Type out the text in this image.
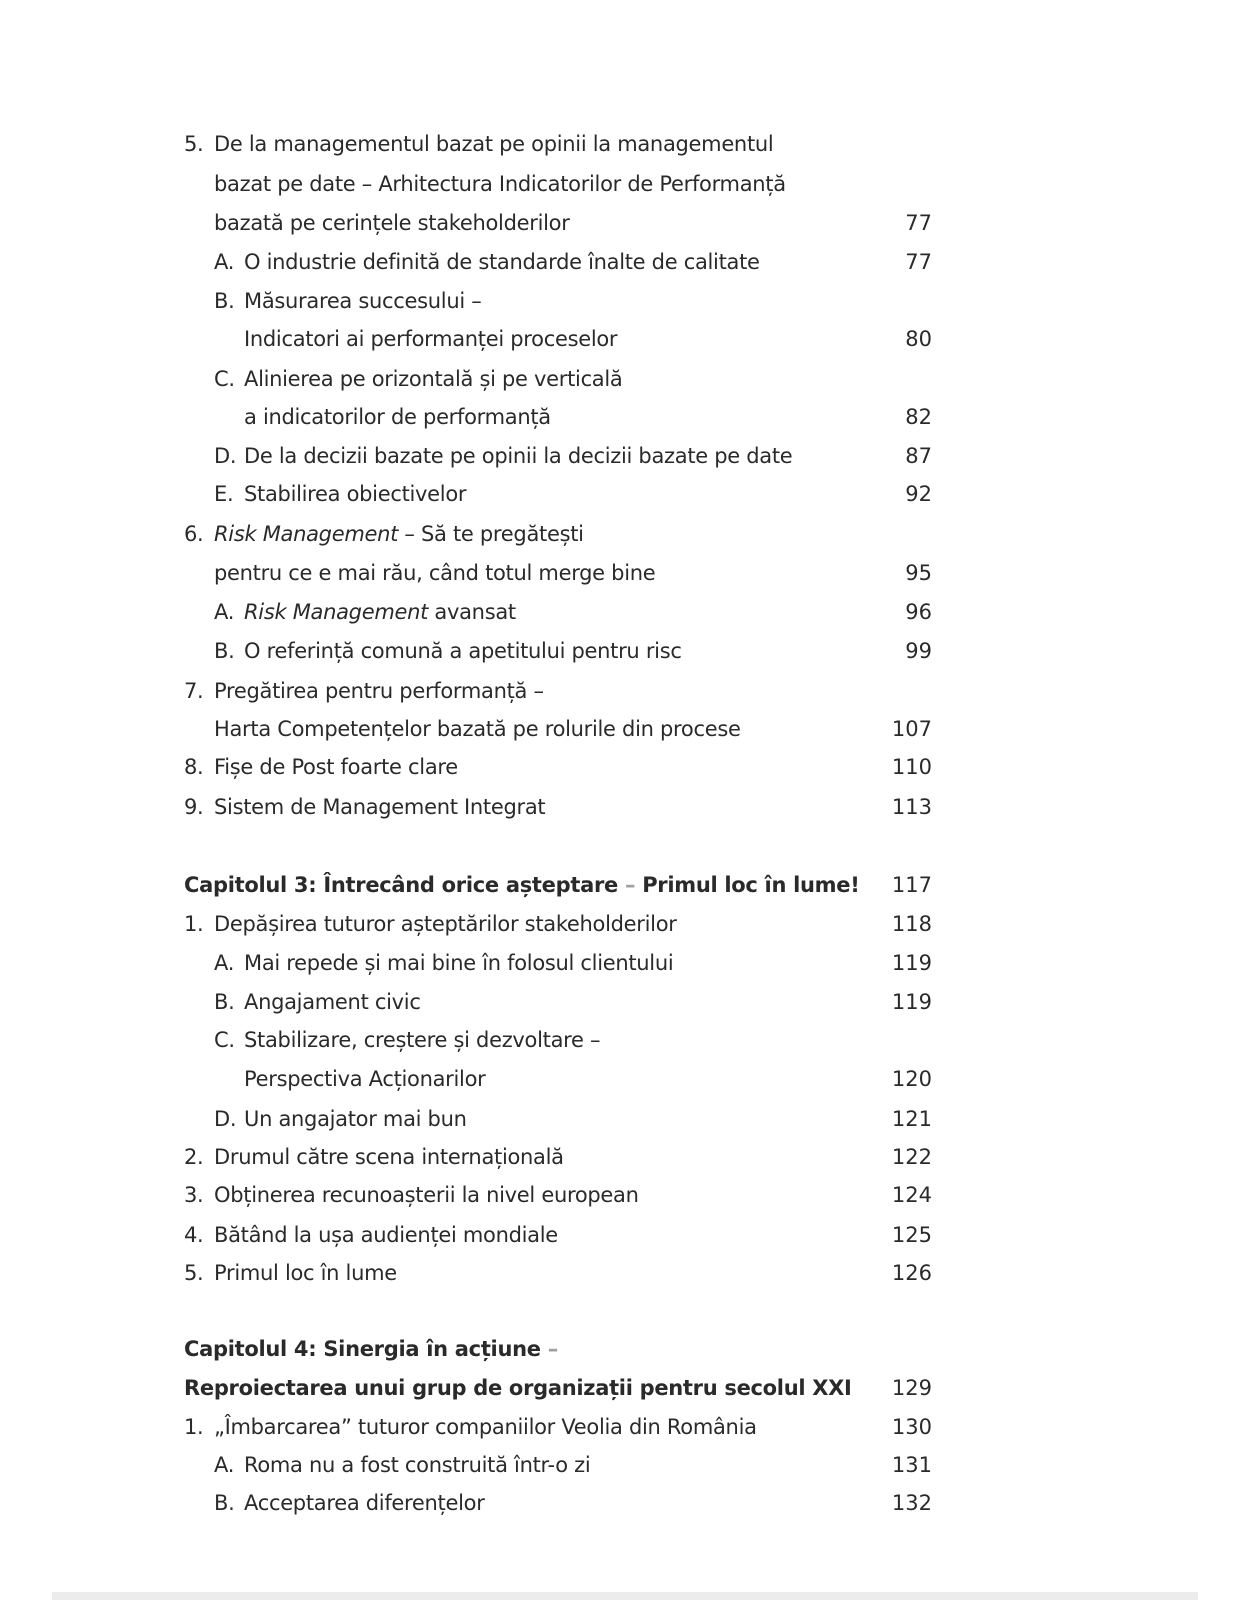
5. De la managementul bazat pe opinii la managementul
bazat pe date – Arhitectura Indicatorilor de Performanță
bazată pe cerințele stakeholderilor	77
A. O industrie definită de standarde înalte de calitate	77
B. Măsurarea succesului –
Indicatori ai performanței proceselor	80
C. Alinierea pe orizontală și pe verticală
a indicatorilor de performanță	82
D. De la decizii bazate pe opinii la decizii bazate pe date	87
E. Stabilirea obiectivelor	92
6. Risk Management – Să te pregătești
pentru ce e mai rău, când totul merge bine	95
A. Risk Management avansat	96
B. O referință comună a apetitului pentru risc	99
7. Pregătirea pentru performanță –
Harta Competențelor bazată pe rolurile din procese	107
8. Fișe de Post foarte clare	110
9. Sistem de Management Integrat	113
Capitolul 3: Întrecând orice așteptare – Primul loc în lume!	117
1. Depășirea tuturor așteptărilor stakeholderilor	118
A. Mai repede și mai bine în folosul clientului	119
B. Angajament civic	119
C. Stabilizare, creștere și dezvoltare –
Perspectiva Acționarilor	120
D. Un angajator mai bun	121
2. Drumul către scena internațională	122
3. Obținerea recunoașterii la nivel european	124
4. Bătând la ușa audienței mondiale	125
5. Primul loc în lume	126
Capitolul 4: Sinergia în acțiune –
Reproiectarea unui grup de organizații pentru secolul XXI	129
1. „Îmbarcarea” tuturor companiilor Veolia din România	130
A. Roma nu a fost construită într-o zi	131
B. Acceptarea diferențelor	132
